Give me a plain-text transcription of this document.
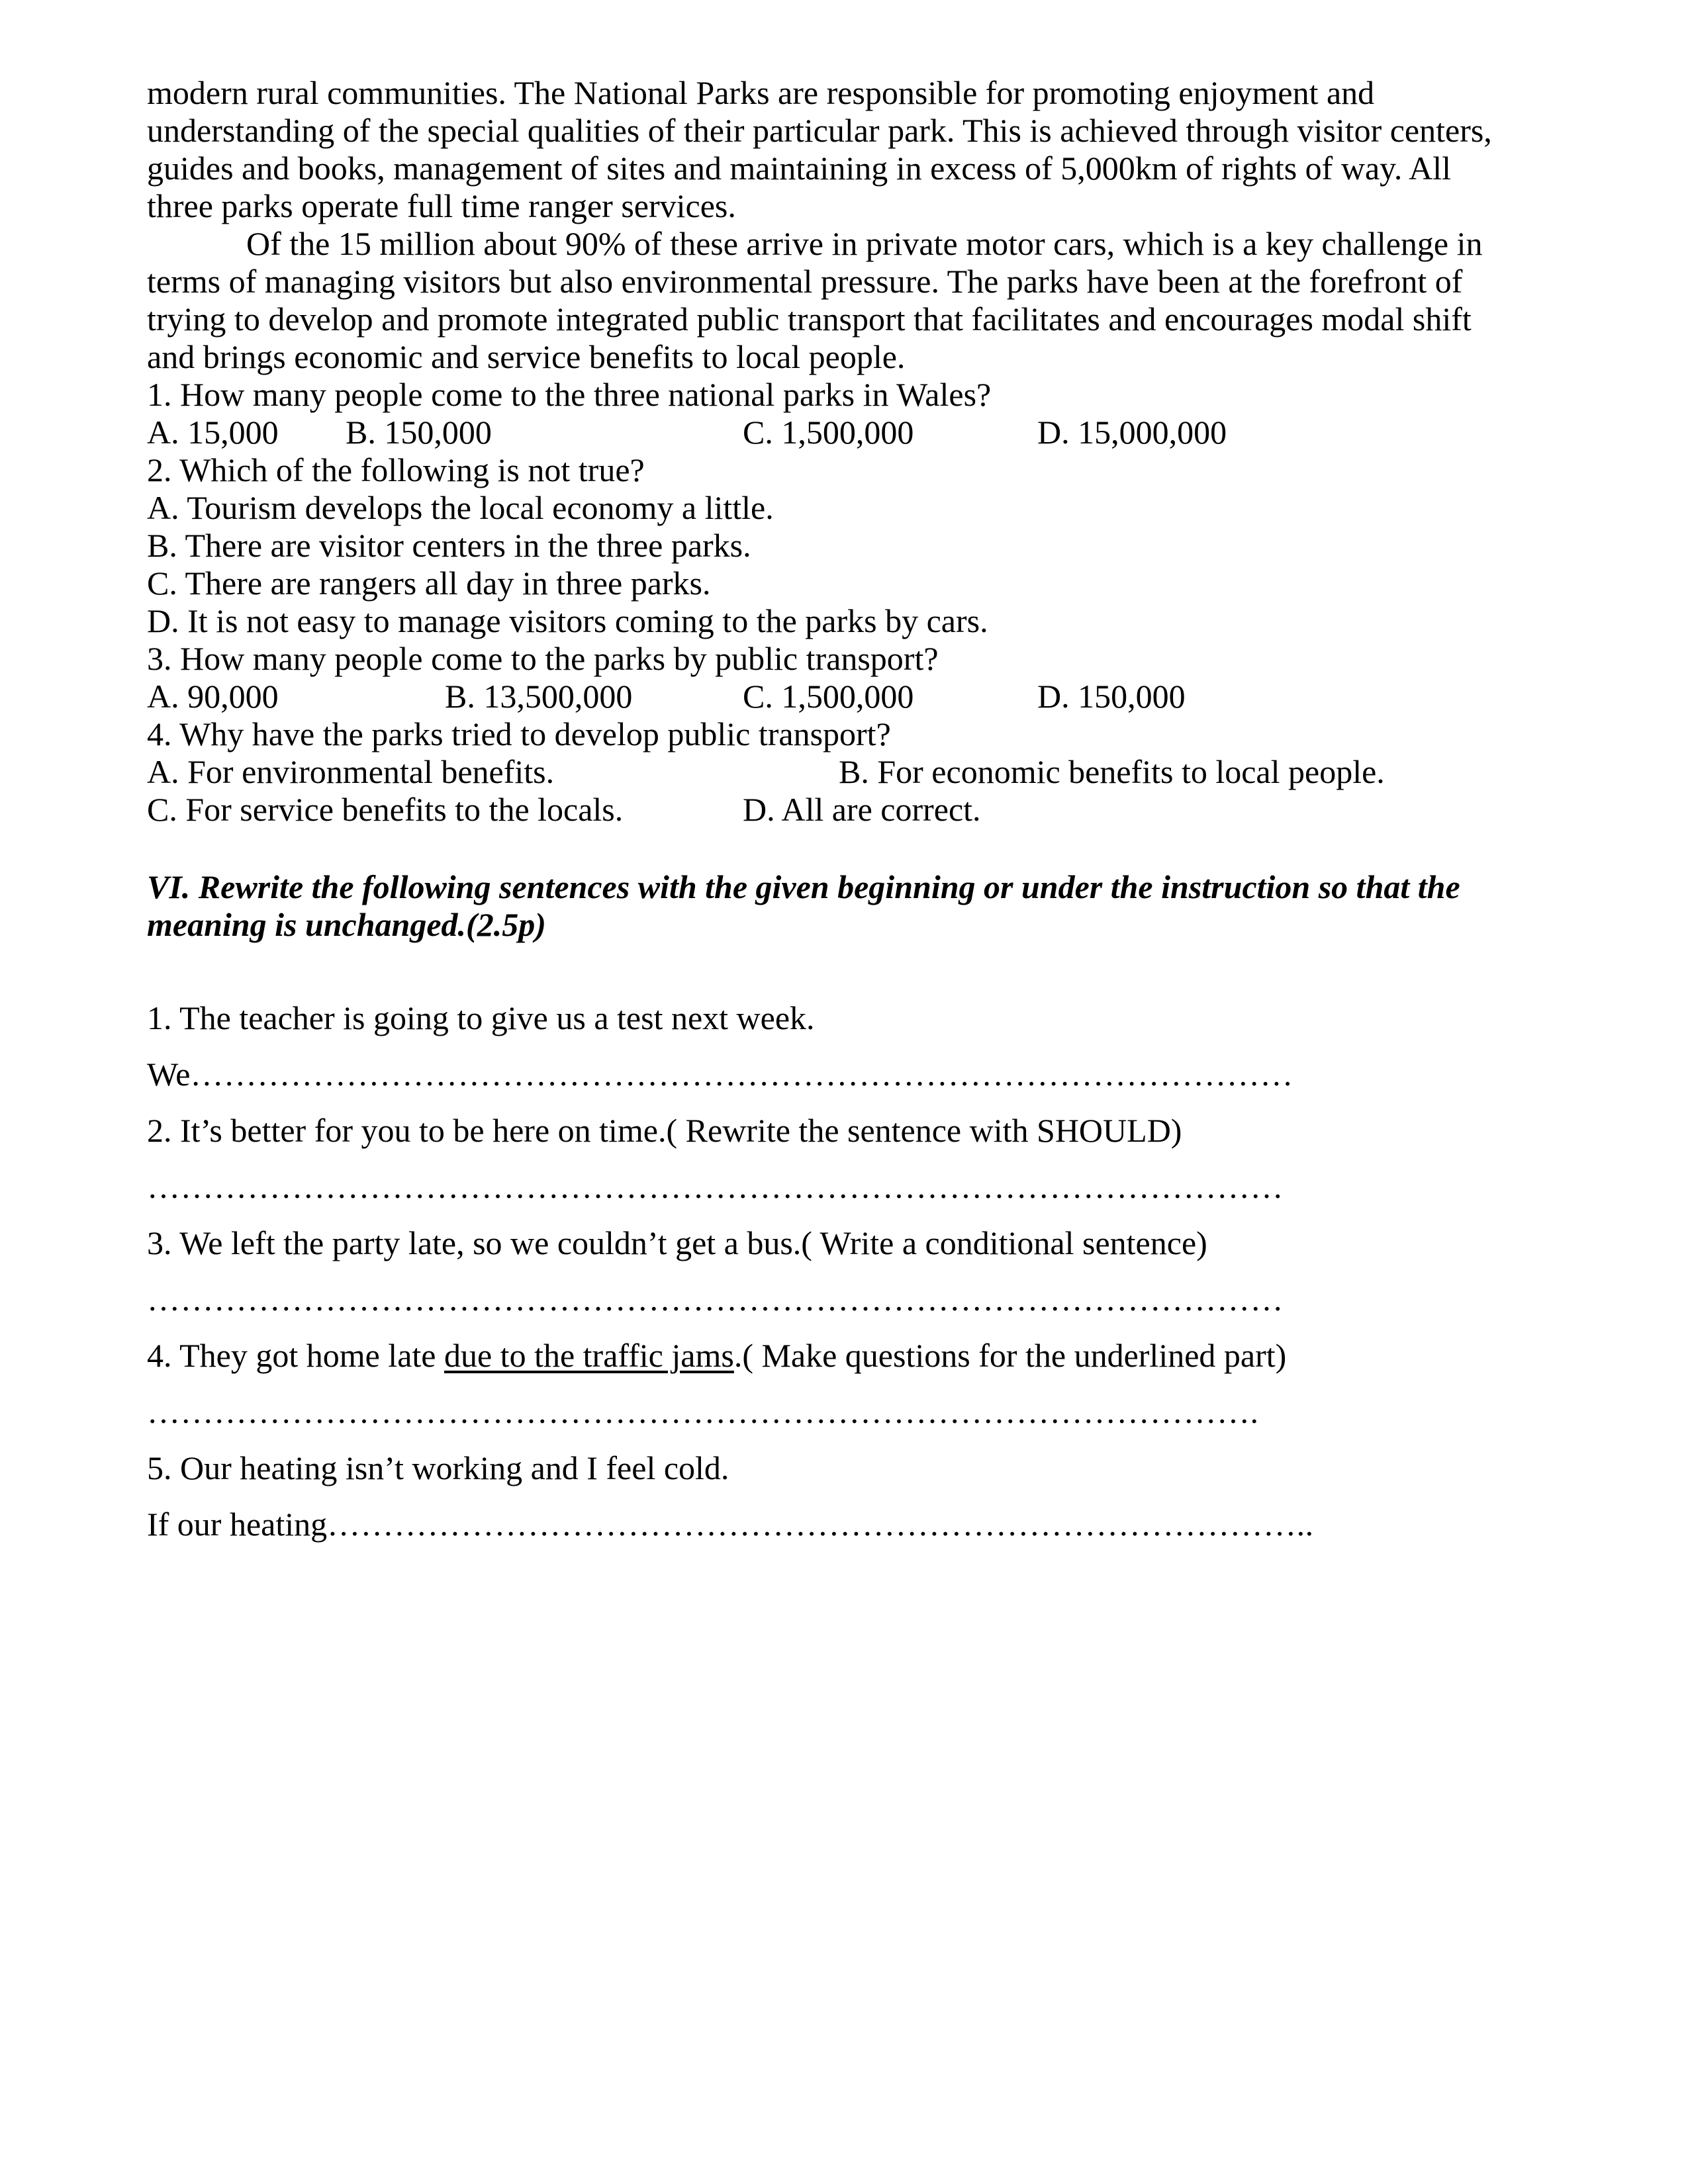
modern rural communities. The National Parks are responsible for promoting enjoyment and
understanding of the special qualities of their particular park. This is achieved through visitor centers,
guides and books, management of sites and maintaining in excess of 5,000km of rights of way. All
three parks operate full time ranger services.
Of the 15 million about 90% of these arrive in private motor cars, which is a key challenge in
terms of managing visitors but also environmental pressure. The parks have been at the forefront of
trying to develop and promote integrated public transport that facilitates and encourages modal shift
and brings economic and service benefits to local people.
1. How many people come to the three national parks in Wales?
A. 15,000 B. 150,000	C. 1,500,000	D. 15,000,000
2. Which of the following is not true?
A. Tourism develops the local economy a little.
B. There are visitor centers in the three parks.
C. There are rangers all day in three parks.
D. It is not easy to manage visitors coming to the parks by cars.
3. How many people come to the parks by public transport?
A. 90,000	B. 13,500,000	C. 1,500,000	D. 150,000
4. Why have the parks tried to develop public transport?
A. For environmental benefits.	B. For economic benefits to local people.
C. For service benefits to the locals.	D. All are correct.
VI. Rewrite the following sentences with the given beginning or under the instruction so that the
meaning is unchanged.(2.5p)
1. The teacher is going to give us a test next week.
We………………………………………………………………………………………
2. It’s better for you to be here on time.( Rewrite the sentence with SHOULD)
…………………………………………………………………………………………
3. We left the party late, so we couldn’t get a bus.( Write a conditional sentence)
…………………………………………………………………………………………
4. They got home late due to the traffic jams.( Make questions for the underlined part)
……………………………………………………………………………………….
5. Our heating isn’t working and I feel cold.
If our heating……………………………………………………………………………..
